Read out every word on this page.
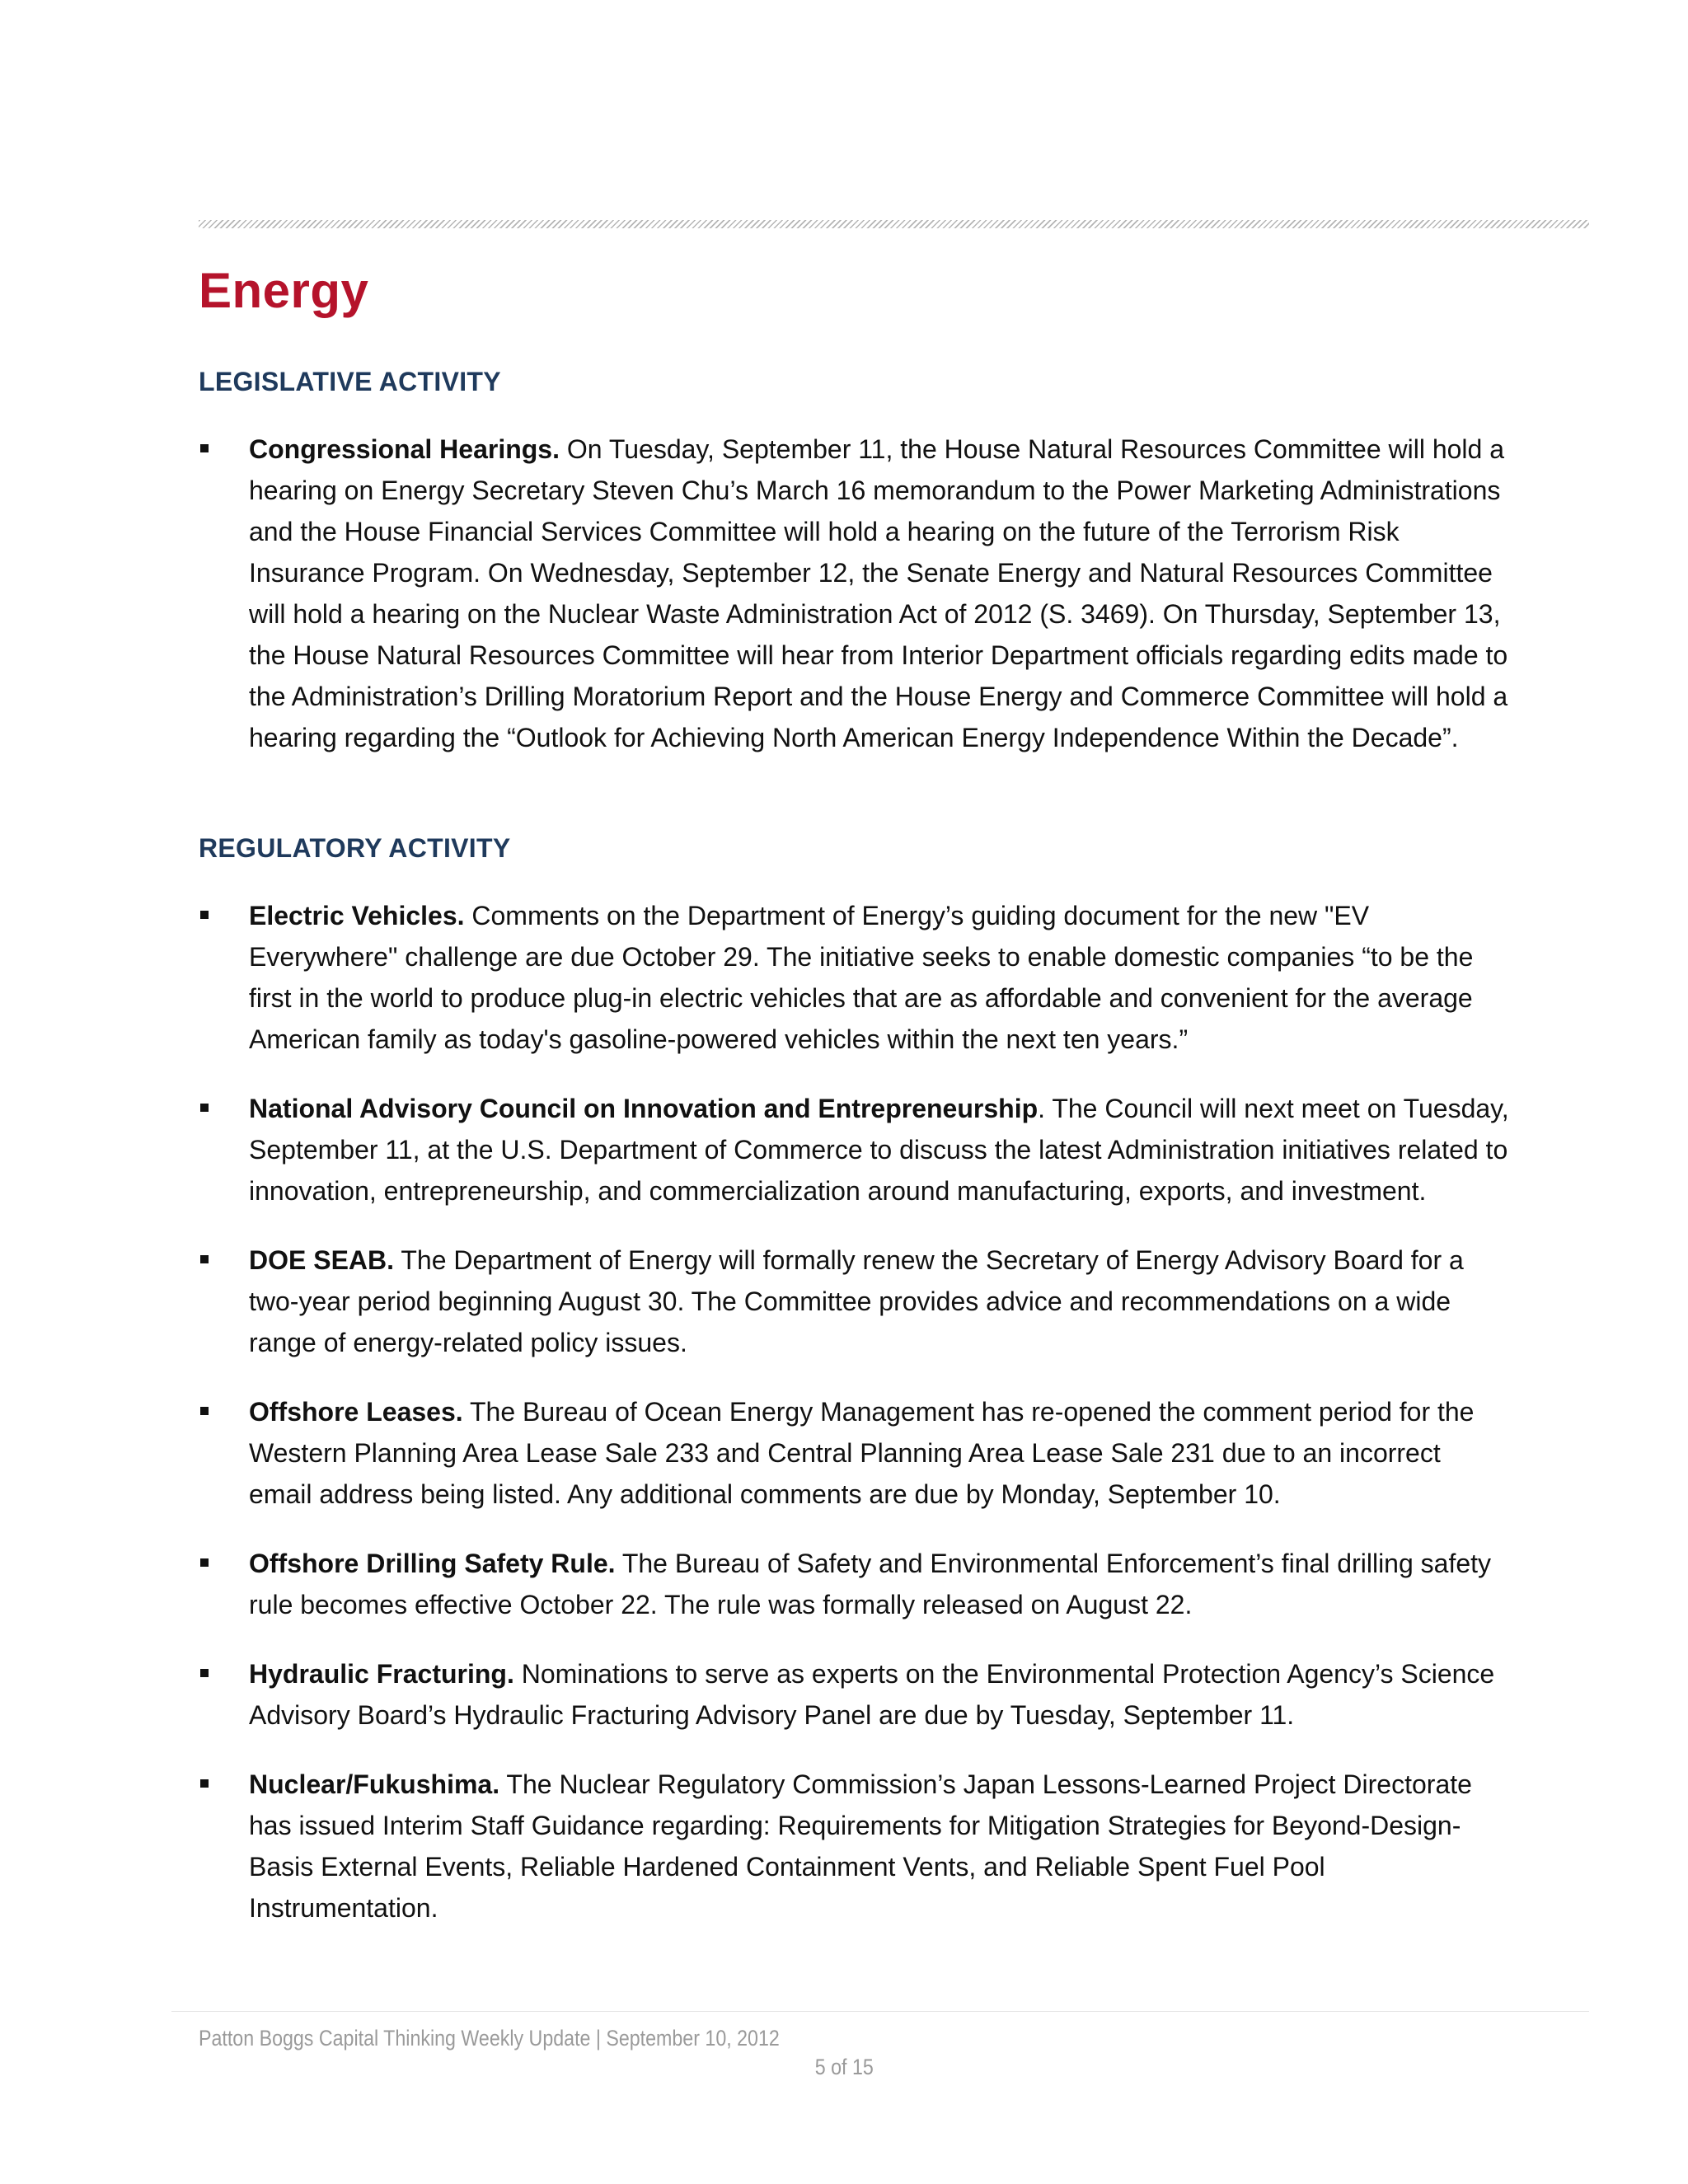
Energy
LEGISLATIVE ACTIVITY
Congressional Hearings. On Tuesday, September 11, the House Natural Resources Committee will hold a hearing on Energy Secretary Steven Chu’s March 16 memorandum to the Power Marketing Administrations and the House Financial Services Committee will hold a hearing on the future of the Terrorism Risk Insurance Program. On Wednesday, September 12, the Senate Energy and Natural Resources Committee will hold a hearing on the Nuclear Waste Administration Act of 2012 (S. 3469). On Thursday, September 13, the House Natural Resources Committee will hear from Interior Department officials regarding edits made to the Administration’s Drilling Moratorium Report and the House Energy and Commerce Committee will hold a hearing regarding the “Outlook for Achieving North American Energy Independence Within the Decade”.
REGULATORY ACTIVITY
Electric Vehicles. Comments on the Department of Energy’s guiding document for the new "EV Everywhere" challenge are due October 29. The initiative seeks to enable domestic companies “to be the first in the world to produce plug-in electric vehicles that are as affordable and convenient for the average American family as today's gasoline-powered vehicles within the next ten years.”
National Advisory Council on Innovation and Entrepreneurship. The Council will next meet on Tuesday, September 11, at the U.S. Department of Commerce to discuss the latest Administration initiatives related to innovation, entrepreneurship, and commercialization around manufacturing, exports, and investment.
DOE SEAB. The Department of Energy will formally renew the Secretary of Energy Advisory Board for a two-year period beginning August 30. The Committee provides advice and recommendations on a wide range of energy-related policy issues.
Offshore Leases. The Bureau of Ocean Energy Management has re-opened the comment period for the Western Planning Area Lease Sale 233 and Central Planning Area Lease Sale 231 due to an incorrect email address being listed. Any additional comments are due by Monday, September 10.
Offshore Drilling Safety Rule. The Bureau of Safety and Environmental Enforcement’s final drilling safety rule becomes effective October 22. The rule was formally released on August 22.
Hydraulic Fracturing. Nominations to serve as experts on the Environmental Protection Agency’s Science Advisory Board’s Hydraulic Fracturing Advisory Panel are due by Tuesday, September 11.
Nuclear/Fukushima. The Nuclear Regulatory Commission’s Japan Lessons-Learned Project Directorate has issued Interim Staff Guidance regarding: Requirements for Mitigation Strategies for Beyond-Design-Basis External Events, Reliable Hardened Containment Vents, and Reliable Spent Fuel Pool Instrumentation.
Patton Boggs Capital Thinking Weekly Update | September 10, 2012
5 of 15
